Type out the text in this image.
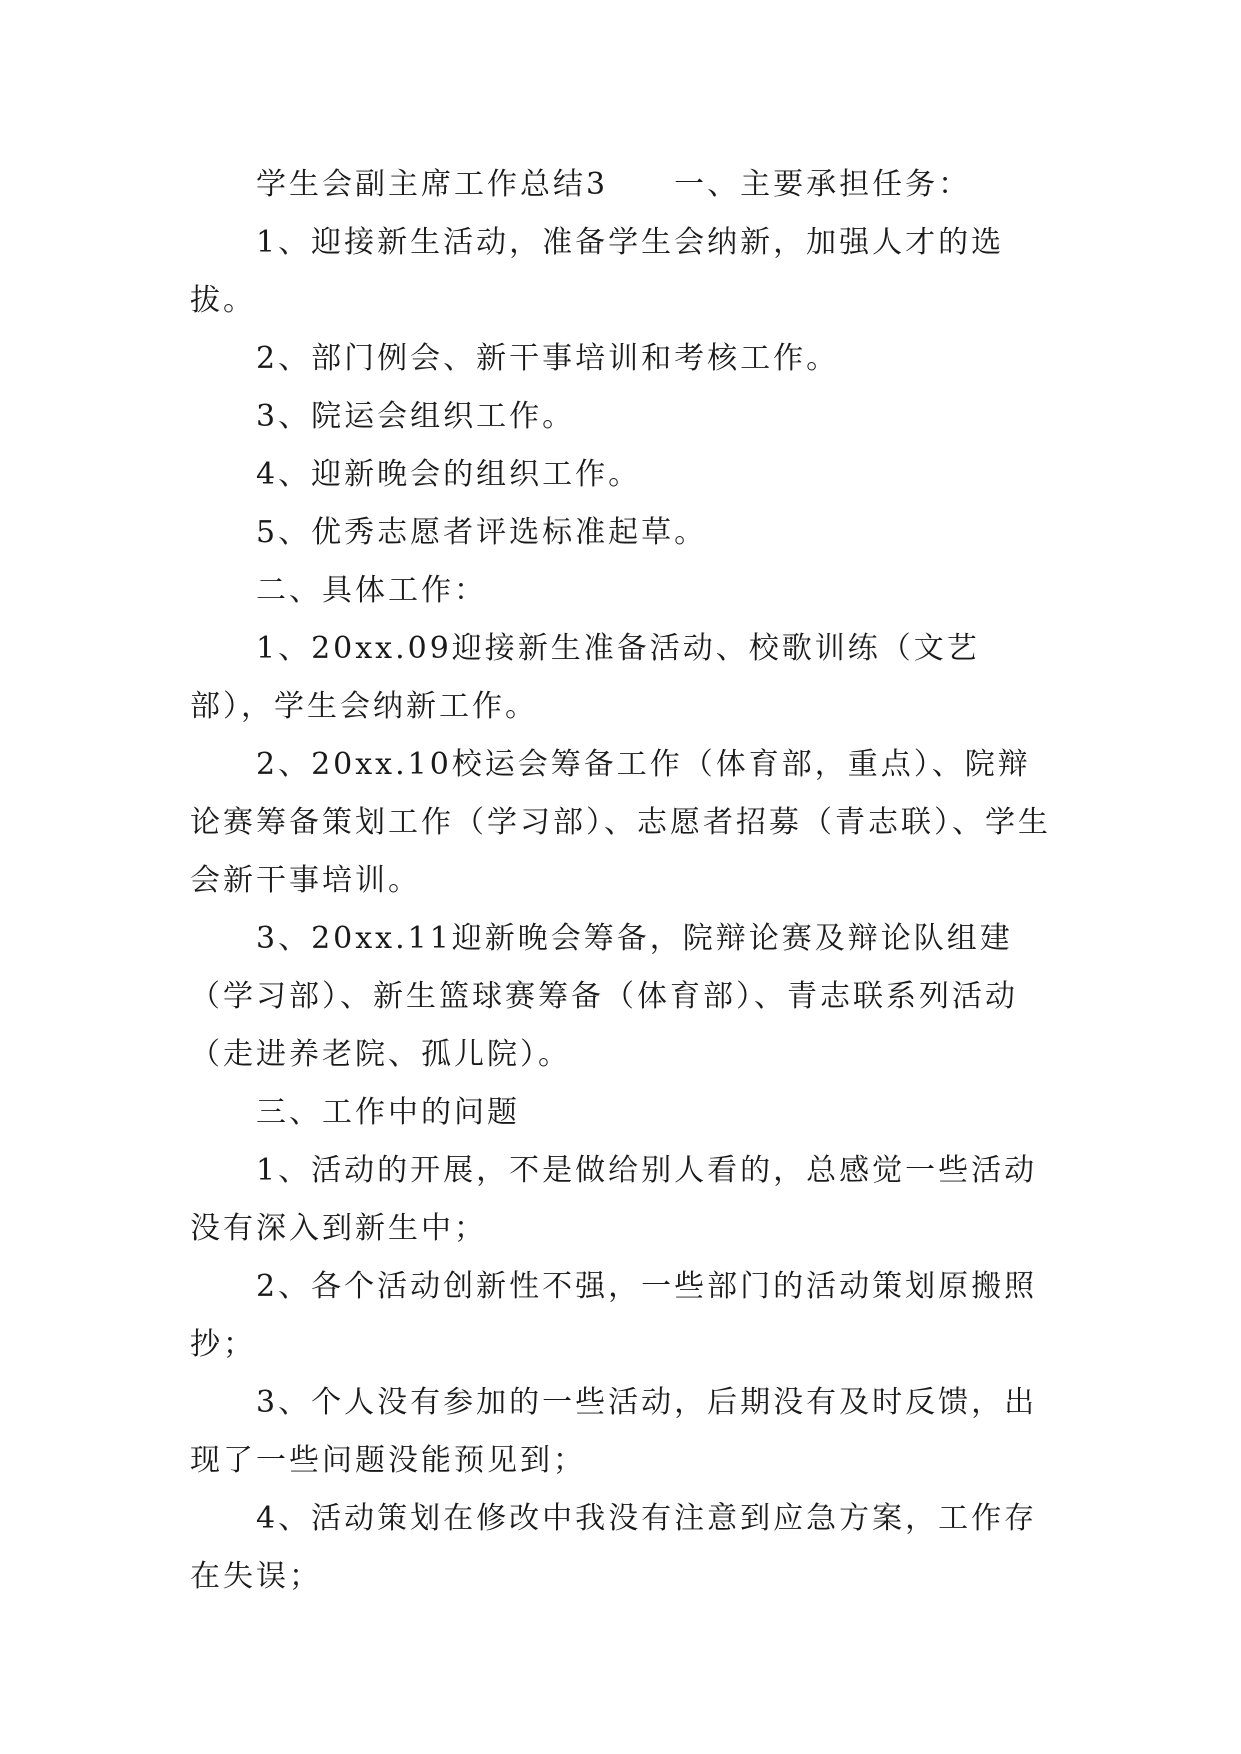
学生会副主席工作总结3　　一、主要承担任务：

1、迎接新生活动，准备学生会纳新，加强人才的选拔。

2、部门例会、新干事培训和考核工作。

3、院运会组织工作。

4、迎新晚会的组织工作。

5、优秀志愿者评选标准起草。

二、具体工作：

1、20xx.09迎接新生准备活动、校歌训练（文艺部），学生会纳新工作。

2、20xx.10校运会筹备工作（体育部，重点）、院辩论赛筹备策划工作（学习部）、志愿者招募（青志联）、学生会新干事培训。

3、20xx.11迎新晚会筹备，院辩论赛及辩论队组建（学习部）、新生篮球赛筹备（体育部）、青志联系列活动（走进养老院、孤儿院）。

三、工作中的问题

1、活动的开展，不是做给别人看的，总感觉一些活动没有深入到新生中；

2、各个活动创新性不强，一些部门的活动策划原搬照抄；

3、个人没有参加的一些活动，后期没有及时反馈，出现了一些问题没能预见到；

4、活动策划在修改中我没有注意到应急方案，工作存在失误；
